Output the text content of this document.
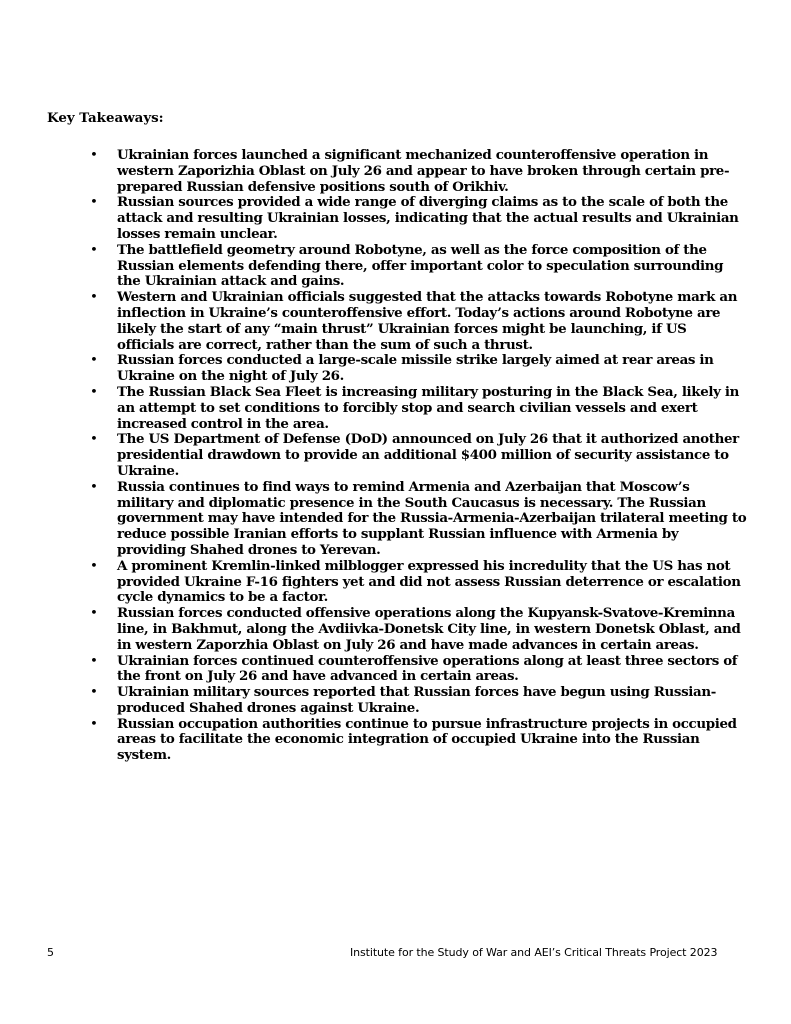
Key Takeaways:
• Ukrainian forces launched a significant mechanized counteroffensive operation in western Zaporizhia Oblast on July 26 and appear to have broken through certain pre-prepared Russian defensive positions south of Orikhiv.
• Russian sources provided a wide range of diverging claims as to the scale of both the attack and resulting Ukrainian losses, indicating that the actual results and Ukrainian losses remain unclear.
• The battlefield geometry around Robotyne, as well as the force composition of the Russian elements defending there, offer important color to speculation surrounding the Ukrainian attack and gains.
• Western and Ukrainian officials suggested that the attacks towards Robotyne mark an inflection in Ukraine’s counteroffensive effort. Today’s actions around Robotyne are likely the start of any “main thrust” Ukrainian forces might be launching, if US officials are correct, rather than the sum of such a thrust.
• Russian forces conducted a large-scale missile strike largely aimed at rear areas in Ukraine on the night of July 26.
• The Russian Black Sea Fleet is increasing military posturing in the Black Sea, likely in an attempt to set conditions to forcibly stop and search civilian vessels and exert increased control in the area.
• The US Department of Defense (DoD) announced on July 26 that it authorized another presidential drawdown to provide an additional $400 million of security assistance to Ukraine.
• Russia continues to find ways to remind Armenia and Azerbaijan that Moscow’s military and diplomatic presence in the South Caucasus is necessary. The Russian government may have intended for the Russia-Armenia-Azerbaijan trilateral meeting to reduce possible Iranian efforts to supplant Russian influence with Armenia by providing Shahed drones to Yerevan.
• A prominent Kremlin-linked milblogger expressed his incredulity that the US has not provided Ukraine F-16 fighters yet and did not assess Russian deterrence or escalation cycle dynamics to be a factor.
• Russian forces conducted offensive operations along the Kupyansk-Svatove-Kreminna line, in Bakhmut, along the Avdiivka-Donetsk City line, in western Donetsk Oblast, and in western Zaporzhia Oblast on July 26 and have made advances in certain areas.
• Ukrainian forces continued counteroffensive operations along at least three sectors of the front on July 26 and have advanced in certain areas.
• Ukrainian military sources reported that Russian forces have begun using Russian-produced Shahed drones against Ukraine.
• Russian occupation authorities continue to pursue infrastructure projects in occupied areas to facilitate the economic integration of occupied Ukraine into the Russian system.
5	Institute for the Study of War and AEI’s Critical Threats Project 2023
